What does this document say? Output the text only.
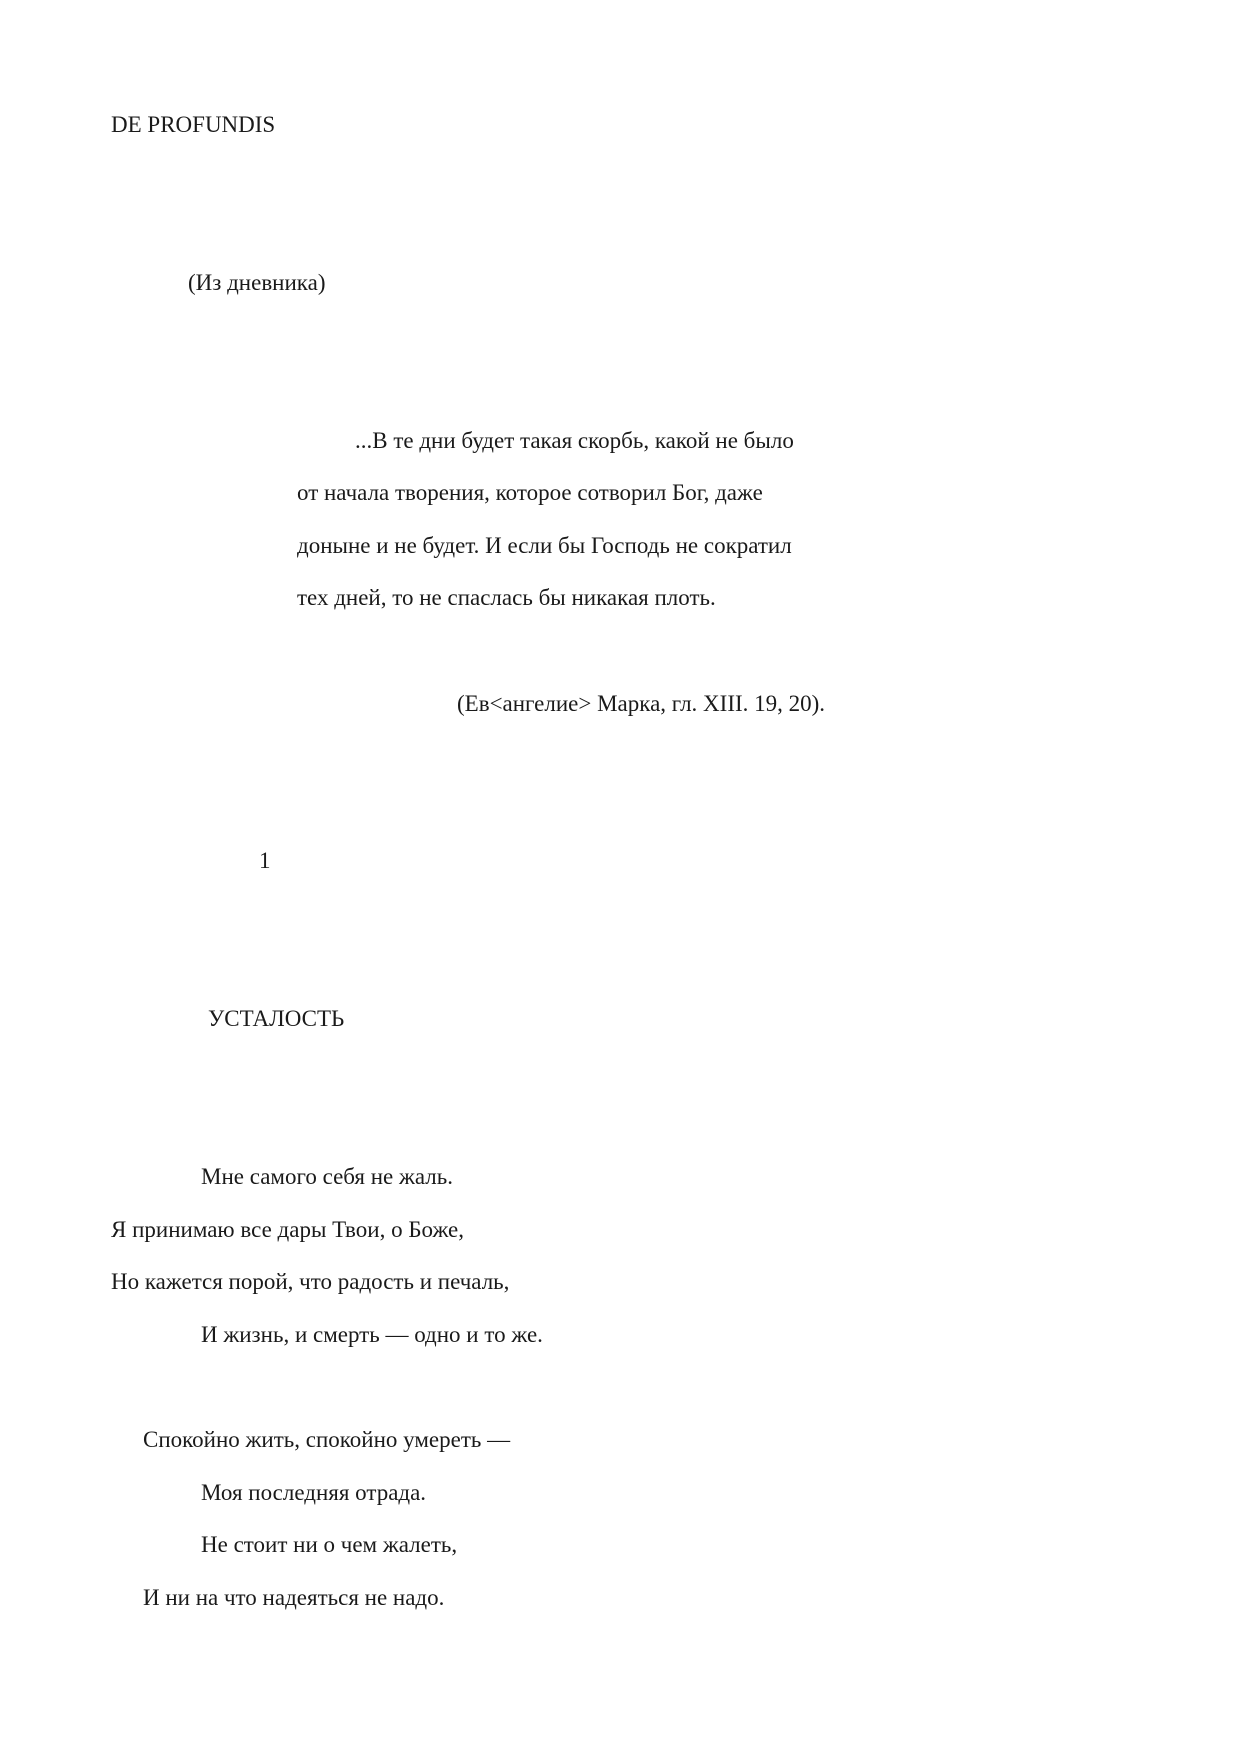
DE PROFUNDIS

(Из дневника)

...В те дни будет такая скорбь, какой не было

от начала творения, которое сотворил Бог, даже

доныне и не будет. И если бы Господь не сократил

тех дней, то не спаслась бы никакая плоть.

(Ев<ангелие> Марка, гл. XIII. 19, 20).

1

УСТАЛОСТЬ

Мне самого себя не жаль.

Я принимаю все дары Твои, о Боже,

Но кажется порой, что радость и печаль,

И жизнь, и смерть — одно и то же.

Спокойно жить, спокойно умереть —

Моя последняя отрада.

Не стоит ни о чем жалеть,

И ни на что надеяться не надо.
